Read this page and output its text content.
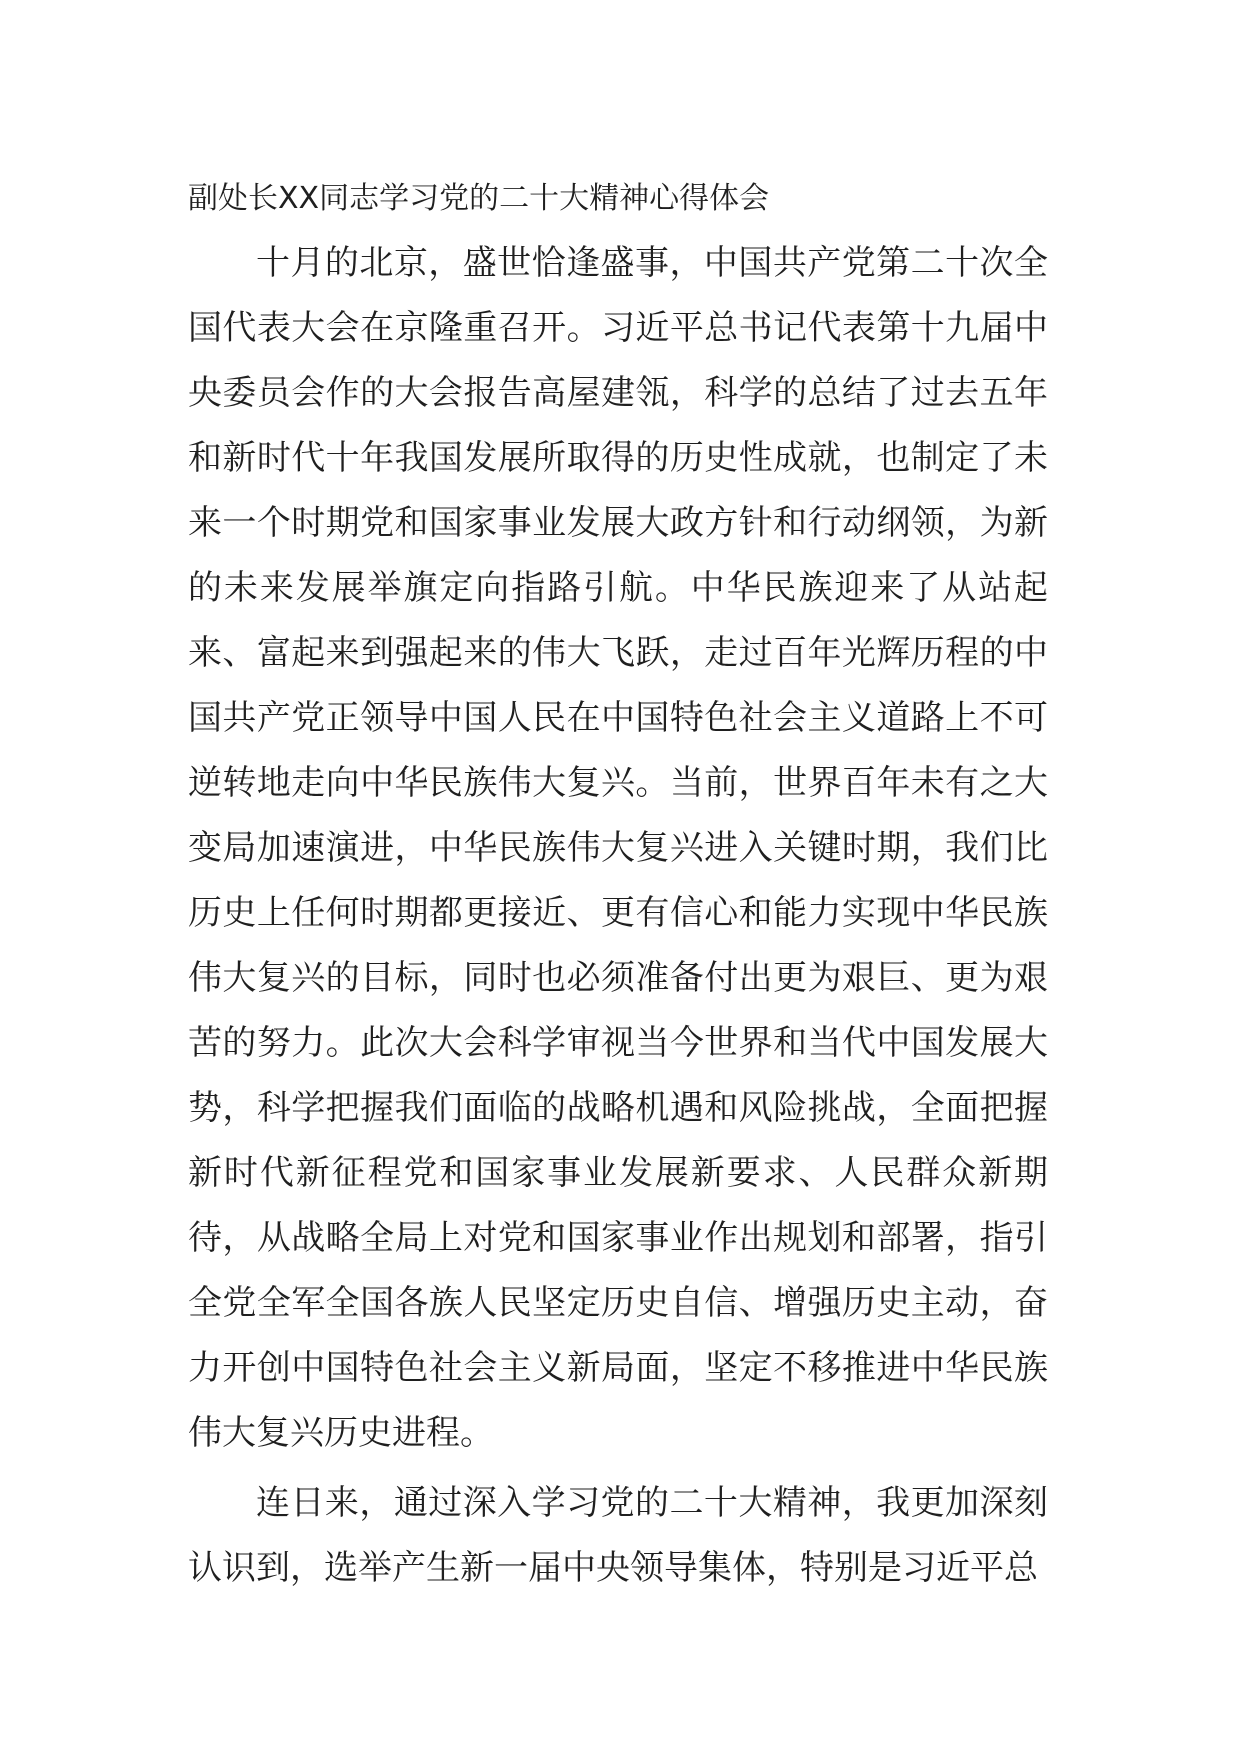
副处长XX同志学习党的二十大精神心得体会

十月的北京，盛世恰逢盛事，中国共产党第二十次全国代表大会在京隆重召开。习近平总书记代表第十九届中央委员会作的大会报告高屋建瓴，科学的总结了过去五年和新时代十年我国发展所取得的历史性成就，也制定了未来一个时期党和国家事业发展大政方针和行动纲领，为新的未来发展举旗定向指路引航。中华民族迎来了从站起来、富起来到强起来的伟大飞跃，走过百年光辉历程的中国共产党正领导中国人民在中国特色社会主义道路上不可逆转地走向中华民族伟大复兴。当前，世界百年未有之大变局加速演进，中华民族伟大复兴进入关键时期，我们比历史上任何时期都更接近、更有信心和能力实现中华民族伟大复兴的目标，同时也必须准备付出更为艰巨、更为艰苦的努力。此次大会科学审视当今世界和当代中国发展大势，科学把握我们面临的战略机遇和风险挑战，全面把握新时代新征程党和国家事业发展新要求、人民群众新期待，从战略全局上对党和国家事业作出规划和部署，指引全党全军全国各族人民坚定历史自信、增强历史主动，奋力开创中国特色社会主义新局面，坚定不移推进中华民族伟大复兴历史进程。

连日来，通过深入学习党的二十大精神，我更加深刻认识到，选举产生新一届中央领导集体，特别是习近平总
